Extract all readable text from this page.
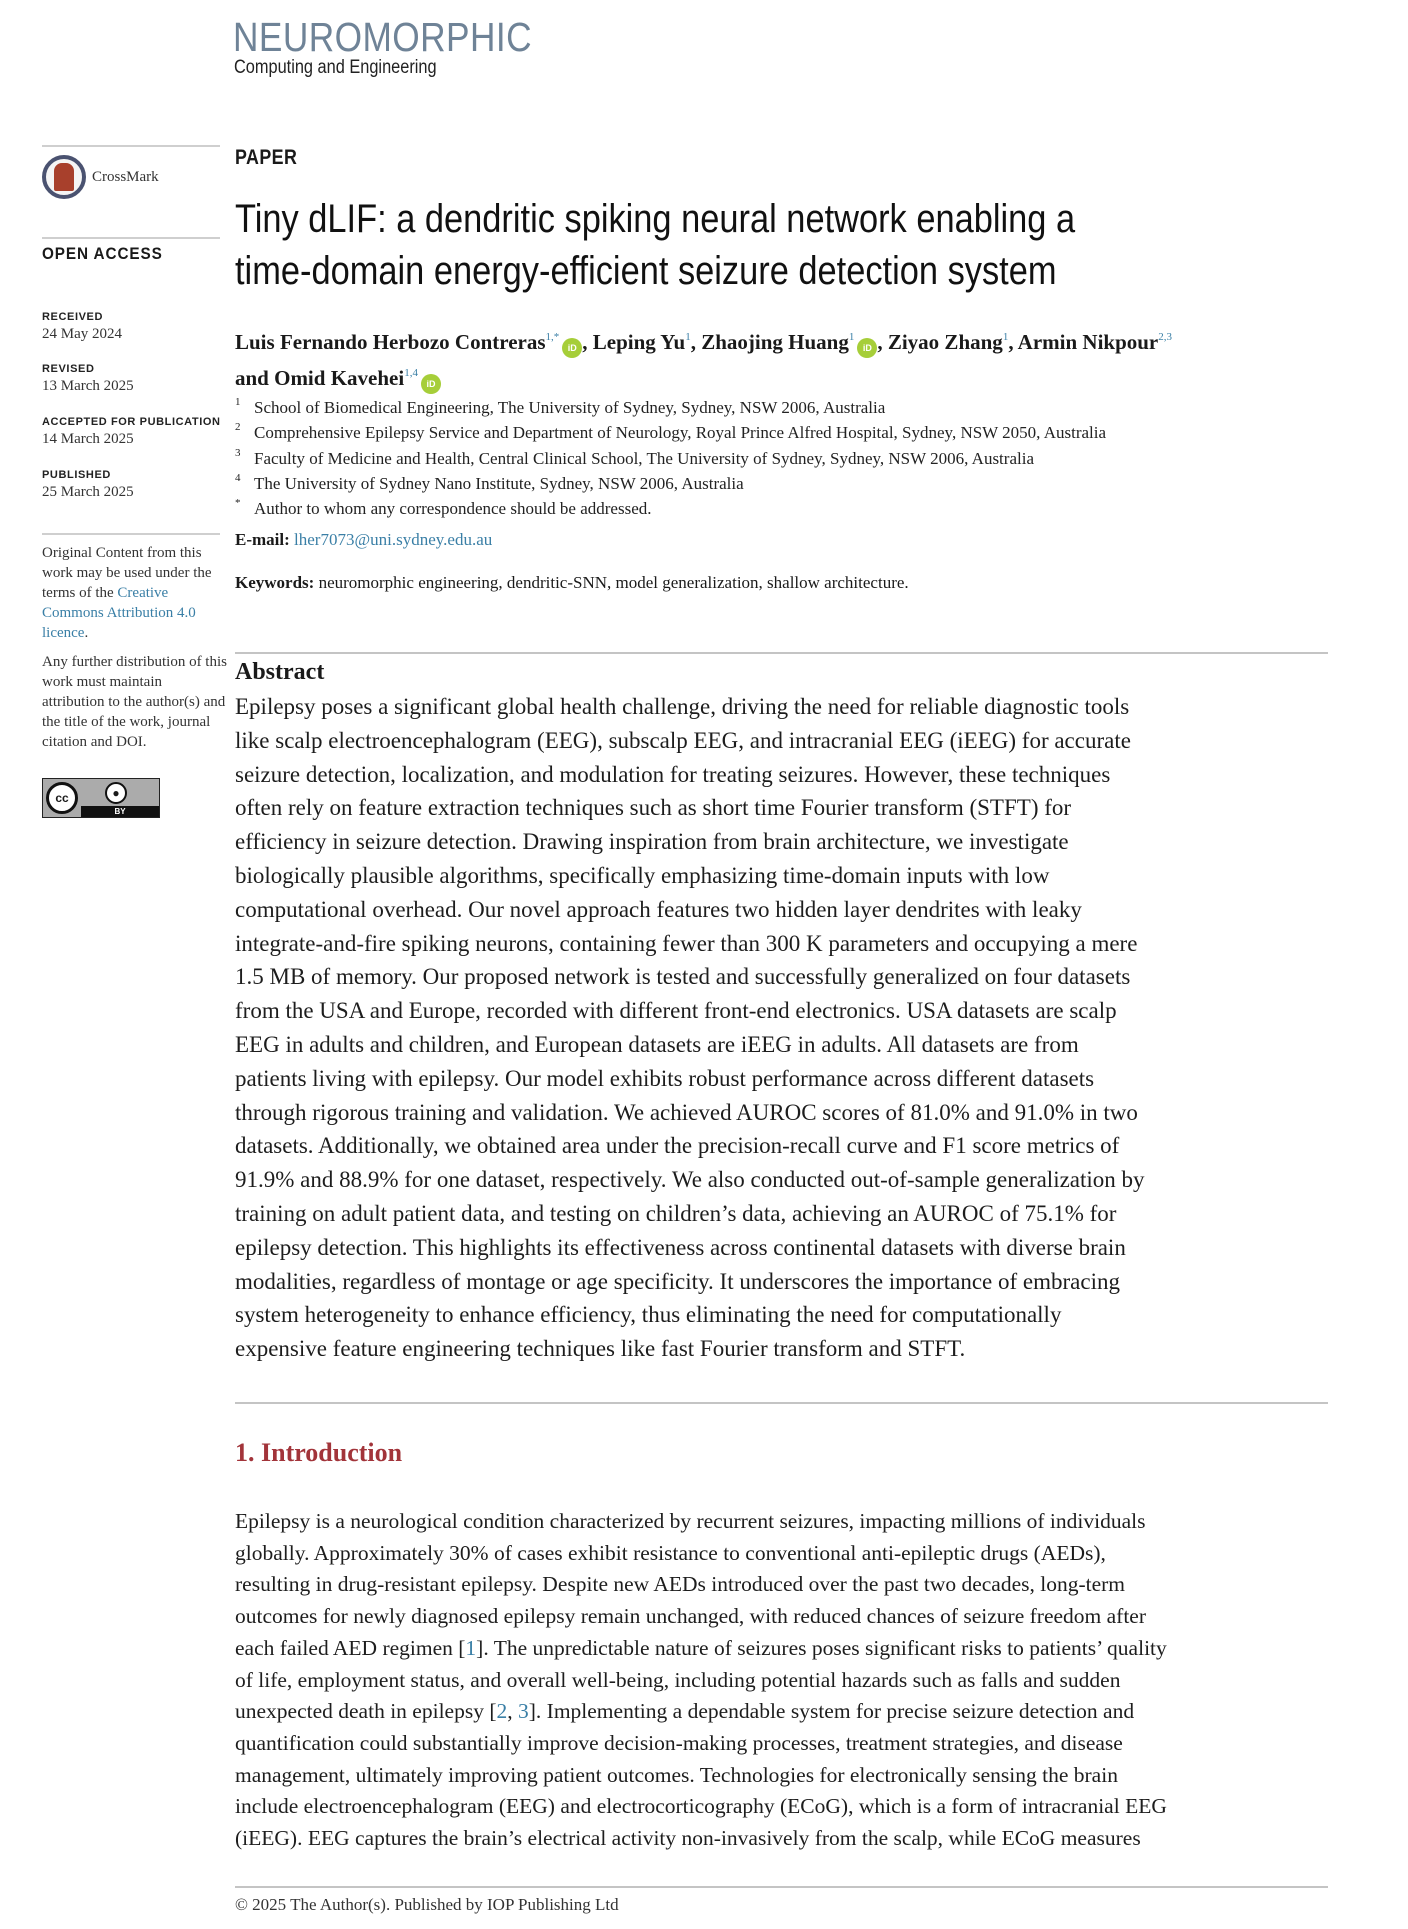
NEUROMORPHIC
Computing and Engineering
CrossMark
OPEN ACCESS
RECEIVED
24 May 2024
REVISED
13 March 2025
ACCEPTED FOR PUBLICATION
14 March 2025
PUBLISHED
25 March 2025

Original Content from this work may be used under the terms of the Creative Commons Attribution 4.0 licence.

Any further distribution of this work must maintain attribution to the author(s) and the title of the work, journal citation and DOI.

cc	●
BY
PAPER
Tiny dLIF: a dendritic spiking neural network enabling a
time-domain energy-efficient seizure detection system
Luis Fernando Herbozo Contreras$^{1,*}$iD , Leping Yu$^1$, Zhaojing Huang$^1$iD , Ziyao Zhang$^1$, Armin Nikpour$^{2,3}$
and Omid Kavehei$^{1,4}$iD
1 School of Biomedical Engineering, The University of Sydney, Sydney, NSW 2006, Australia
2 Comprehensive Epilepsy Service and Department of Neurology, Royal Prince Alfred Hospital, Sydney, NSW 2050, Australia
3 Faculty of Medicine and Health, Central Clinical School, The University of Sydney, Sydney, NSW 2006, Australia
4 The University of Sydney Nano Institute, Sydney, NSW 2006, Australia
* Author to whom any correspondence should be addressed.
E-mail: lher7073@uni.sydney.edu.au
Keywords: neuromorphic engineering, dendritic-SNN, model generalization, shallow architecture.
Abstract
Epilepsy poses a significant global health challenge, driving the need for reliable diagnostic tools
like scalp electroencephalogram (EEG), subscalp EEG, and intracranial EEG (iEEG) for accurate
seizure detection, localization, and modulation for treating seizures. However, these techniques
often rely on feature extraction techniques such as short time Fourier transform (STFT) for
efficiency in seizure detection. Drawing inspiration from brain architecture, we investigate
biologically plausible algorithms, specifically emphasizing time-domain inputs with low
computational overhead. Our novel approach features two hidden layer dendrites with leaky
integrate-and-fire spiking neurons, containing fewer than 300 K parameters and occupying a mere
1.5 MB of memory. Our proposed network is tested and successfully generalized on four datasets
from the USA and Europe, recorded with different front-end electronics. USA datasets are scalp
EEG in adults and children, and European datasets are iEEG in adults. All datasets are from
patients living with epilepsy. Our model exhibits robust performance across different datasets
through rigorous training and validation. We achieved AUROC scores of 81.0% and 91.0% in two
datasets. Additionally, we obtained area under the precision-recall curve and F1 score metrics of
91.9% and 88.9% for one dataset, respectively. We also conducted out-of-sample generalization by
training on adult patient data, and testing on children’s data, achieving an AUROC of 75.1% for
epilepsy detection. This highlights its effectiveness across continental datasets with diverse brain
modalities, regardless of montage or age specificity. It underscores the importance of embracing
system heterogeneity to enhance efficiency, thus eliminating the need for computationally
expensive feature engineering techniques like fast Fourier transform and STFT.
1. Introduction
Epilepsy is a neurological condition characterized by recurrent seizures, impacting millions of individuals
globally. Approximately 30% of cases exhibit resistance to conventional anti-epileptic drugs (AEDs),
resulting in drug-resistant epilepsy. Despite new AEDs introduced over the past two decades, long-term
outcomes for newly diagnosed epilepsy remain unchanged, with reduced chances of seizure freedom after
each failed AED regimen [1]. The unpredictable nature of seizures poses significant risks to patients’ quality
of life, employment status, and overall well-being, including potential hazards such as falls and sudden
unexpected death in epilepsy [2, 3]. Implementing a dependable system for precise seizure detection and
quantification could substantially improve decision-making processes, treatment strategies, and disease
management, ultimately improving patient outcomes. Technologies for electronically sensing the brain
include electroencephalogram (EEG) and electrocorticography (ECoG), which is a form of intracranial EEG
(iEEG). EEG captures the brain’s electrical activity non-invasively from the scalp, while ECoG measures
© 2025 The Author(s). Published by IOP Publishing Ltd
